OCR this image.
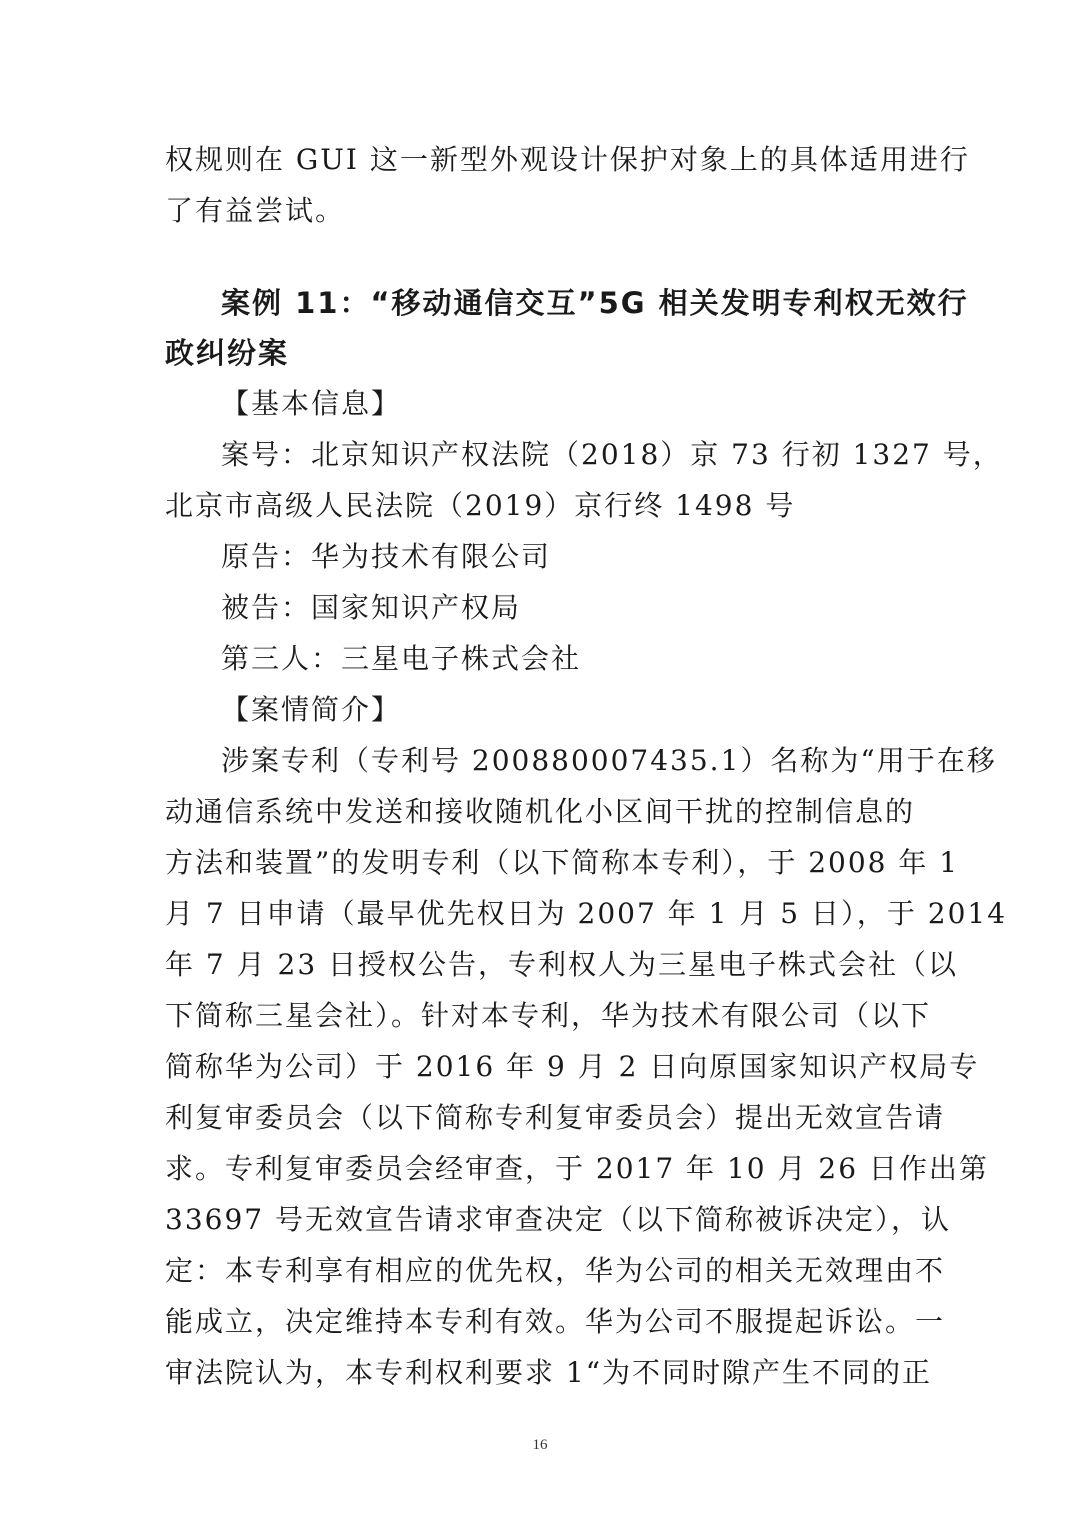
权规则在 GUI 这一新型外观设计保护对象上的具体适用进行
了有益尝试。
案例 11：“移动通信交互”5G 相关发明专利权无效行
政纠纷案
【基本信息】
案号：北京知识产权法院（2018）京 73 行初 1327 号，
北京市高级人民法院（2019）京行终 1498 号
原告：华为技术有限公司
被告：国家知识产权局
第三人：三星电子株式会社
【案情简介】
涉案专利（专利号 200880007435.1）名称为“用于在移
动通信系统中发送和接收随机化小区间干扰的控制信息的
方法和装置”的发明专利（以下简称本专利），于 2008 年 1
月 7 日申请（最早优先权日为 2007 年 1 月 5 日），于 2014
年 7 月 23 日授权公告，专利权人为三星电子株式会社（以
下简称三星会社）。针对本专利，华为技术有限公司（以下
简称华为公司）于 2016 年 9 月 2 日向原国家知识产权局专
利复审委员会（以下简称专利复审委员会）提出无效宣告请
求。专利复审委员会经审查，于 2017 年 10 月 26 日作出第
33697 号无效宣告请求审查决定（以下简称被诉决定），认
定：本专利享有相应的优先权，华为公司的相关无效理由不
能成立，决定维持本专利有效。华为公司不服提起诉讼。一
审法院认为，本专利权利要求 1“为不同时隙产生不同的正
16
